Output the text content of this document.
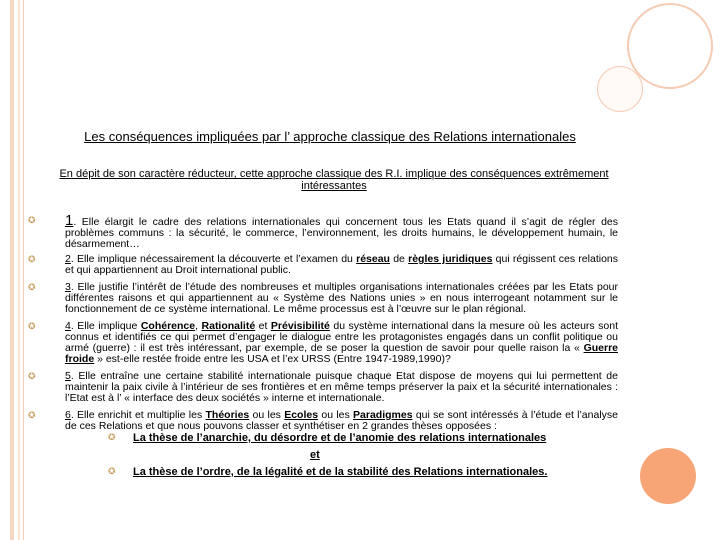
Les conséquences impliquées par l’ approche classique des Relations internationales
En dépit de son caractère réducteur, cette approche classique des R.I. implique des conséquences extrêmement intéressantes
✪ 1. Elle élargit le cadre des relations internationales qui concernent tous les Etats quand il s’agit de régler des problèmes communs : la sécurité, le commerce, l’environnement, les droits humains, le développement humain, le désarmement…
✪	2. Elle implique nécessairement la découverte et l’examen du réseau de règles juridiques qui régissent ces relations et qui appartiennent au Droit international public.
✪	3. Elle justifie l’intérêt de l’étude des nombreuses et multiples organisations internationales créées par les Etats pour différentes raisons et qui appartiennent au « Système des Nations unies » en nous interrogeant notamment sur le fonctionnement de ce système international. Le même processus est à l’œuvre sur le plan régional.
✪	4. Elle implique Cohérence, Rationalité et Prévisibilité du système international dans la mesure où les acteurs sont connus et identifiés ce qui permet d’engager le dialogue entre les protagonistes engagés dans un conflit politique ou armé (guerre) : il est très intéressant, par exemple, de se poser la question de savoir pour quelle raison la « Guerre froide » est-elle restée froide entre les USA et l’ex URSS (Entre 1947-1989,1990)?
✪	5. Elle entraîne une certaine stabilité internationale puisque chaque Etat dispose de moyens qui lui permettent de maintenir la paix civile à l’intérieur de ses frontières et en même temps préserver la paix et la sécurité internationales : l’Etat est à l’ « interface des deux sociétés » interne et internationale.
✪	6. Elle enrichit et multiplie les Théories ou les Ecoles ou les Paradigmes qui se sont intéressés à l’étude et l’analyse de ces Relations et que nous pouvons classer et synthétiser en 2 grandes thèses opposées :
✪ La thèse de l’anarchie, du désordre et de l’anomie des relations internationales
et
✪ La thèse de l’ordre, de la légalité et de la stabilité des Relations internationales.
